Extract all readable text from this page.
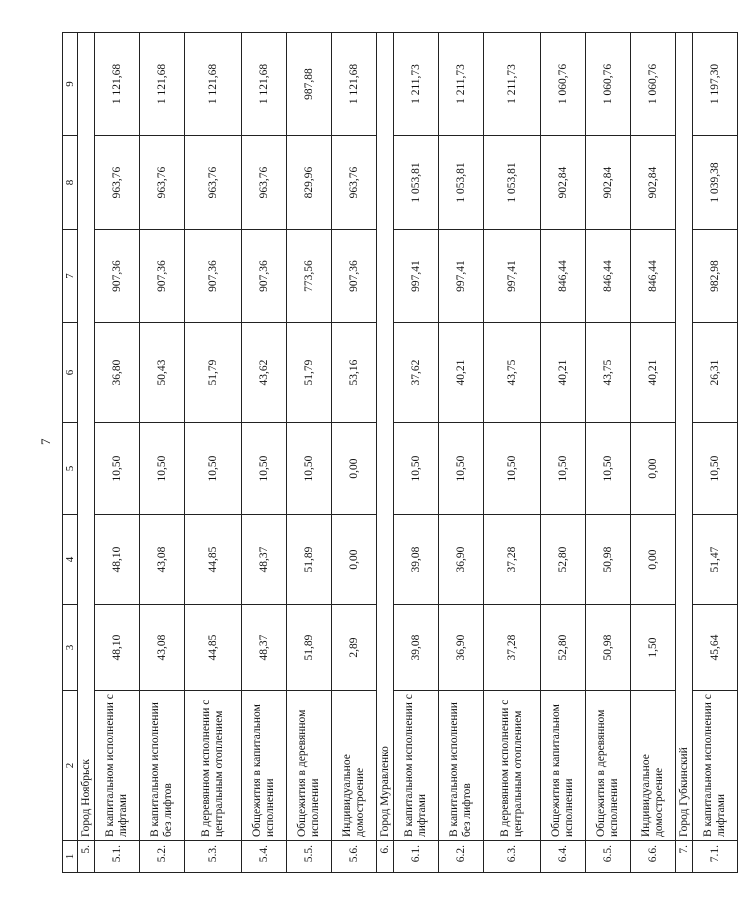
7
1	2	3	4	5	6	7	8	9
5.	Город Ноябрьск							
5.1.	В капитальном исполнении с лифтами	48,10	48,10	10,50	36,80	907,36	963,76	1 121,68
5.2.	В капитальном исполнении без лифтов	43,08	43,08	10,50	50,43	907,36	963,76	1 121,68
5.3.	В деревянном исполнении с центральным отоплением	44,85	44,85	10,50	51,79	907,36	963,76	1 121,68
5.4.	Общежития в капитальном исполнении	48,37	48,37	10,50	43,62	907,36	963,76	1 121,68
5.5.	Общежития в деревянном исполнении	51,89	51,89	10,50	51,79	773,56	829,96	987,88
5.6.	Индивидуальное домостроение	2,89	0,00	0,00	53,16	907,36	963,76	1 121,68
6.	Город Муравленко							
6.1.	В капитальном исполнении с лифтами	39,08	39,08	10,50	37,62	997,41	1 053,81	1 211,73
6.2.	В капитальном исполнении без лифтов	36,90	36,90	10,50	40,21	997,41	1 053,81	1 211,73
6.3.	В деревянном исполнении с центральным отоплением	37,28	37,28	10,50	43,75	997,41	1 053,81	1 211,73
6.4.	Общежития в капитальном исполнении	52,80	52,80	10,50	40,21	846,44	902,84	1 060,76
6.5.	Общежития в деревянном исполнении	50,98	50,98	10,50	43,75	846,44	902,84	1 060,76
6.6.	Индивидуальное домостроение	1,50	0,00	0,00	40,21	846,44	902,84	1 060,76
7.	Город Губкинский							
7.1.	В капитальном исполнении с лифтами	45,64	51,47	10,50	26,31	982,98	1 039,38	1 197,30
